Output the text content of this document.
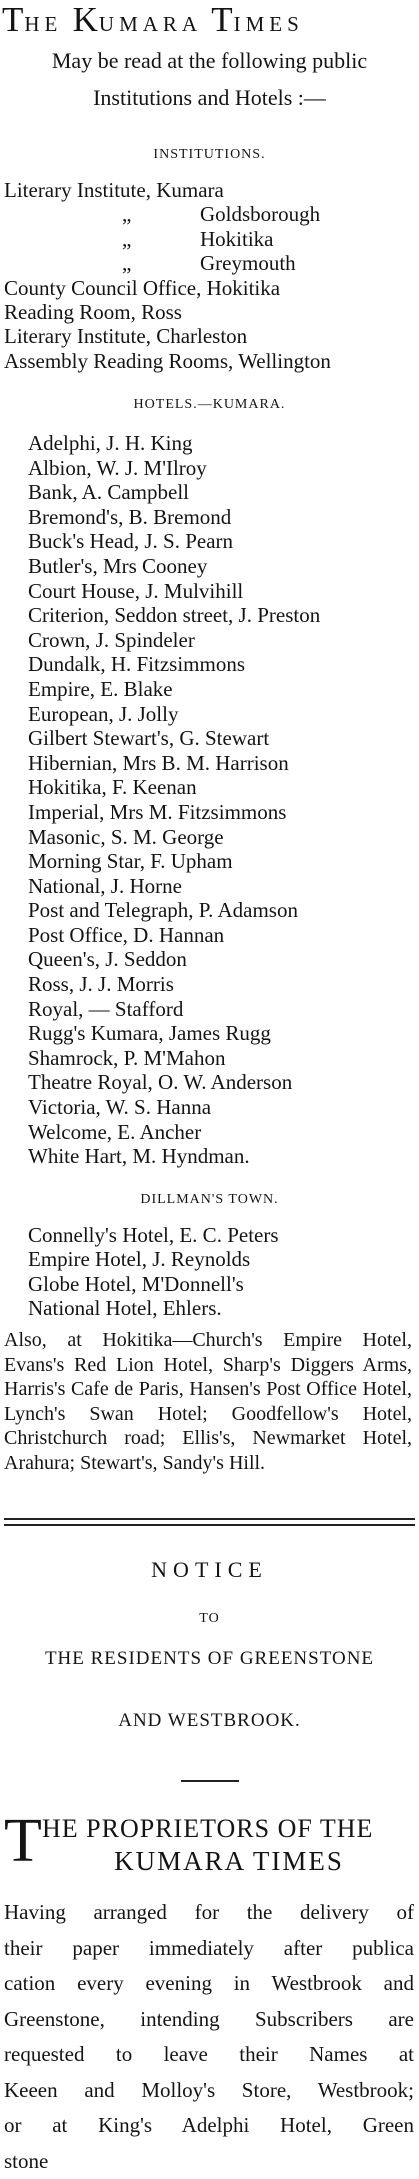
THE KUMARA TIMES
May be read at the following public
Institutions and Hotels :—
INSTITUTIONS.
Literary Institute, Kumara
„	Goldsborough
„	Hokitika
„	Greymouth
County Council Office, Hokitika
Reading Room, Ross
Literary Institute, Charleston
Assembly Reading Rooms, Wellington
HOTELS.—KUMARA.
Adelphi, J. H. King
Albion, W. J. M'Ilroy
Bank, A. Campbell
Bremond's, B. Bremond
Buck's Head, J. S. Pearn
Butler's, Mrs Cooney
Court House, J. Mulvihill
Criterion, Seddon street, J. Preston
Crown, J. Spindeler
Dundalk, H. Fitzsimmons
Empire, E. Blake
European, J. Jolly
Gilbert Stewart's, G. Stewart
Hibernian, Mrs B. M. Harrison
Hokitika, F. Keenan
Imperial, Mrs M. Fitzsimmons
Masonic, S. M. George
Morning Star, F. Upham
National, J. Horne
Post and Telegraph, P. Adamson
Post Office, D. Hannan
Queen's, J. Seddon
Ross, J. J. Morris
Royal, — Stafford
Rugg's Kumara, James Rugg
Shamrock, P. M'Mahon
Theatre Royal, O. W. Anderson
Victoria, W. S. Hanna
Welcome, E. Ancher
White Hart, M. Hyndman.
DILLMAN'S TOWN.
Connelly's Hotel, E. C. Peters
Empire Hotel, J. Reynolds
Globe Hotel, M'Donnell's
National Hotel, Ehlers.
Also, at Hokitika—Church's Empire Hotel, Evans's Red Lion Hotel, Sharp's Diggers Arms, Harris's Cafe de Paris, Hansen's Post Office Hotel, Lynch's Swan Hotel; Goodfellow's Hotel, Christchurch road; Ellis's, Newmarket Hotel, Arahura; Stewart's, Sandy's Hill.
NOTICE
TO
THE RESIDENTS OF GREENSTONE
AND WESTBROOK.
T HE PROPRIETORS OF THE
KUMARA TIMES
Having arranged for the delivery of
their paper immediately after publica
cation every evening in Westbrook and
Greenstone, intending Subscribers are
requested to leave their Names at
Keeen and Molloy's Store, Westbrook;
or at King's Adelphi Hotel, Green
stone
